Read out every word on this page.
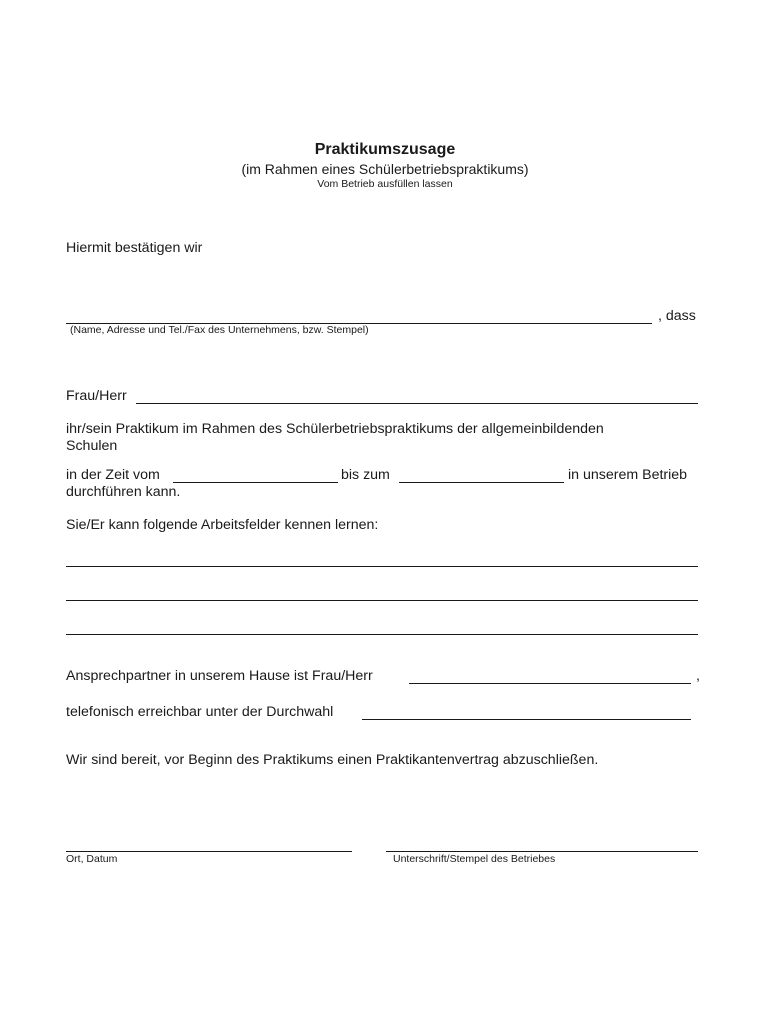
Praktikumszusage
(im Rahmen eines Schülerbetriebspraktikums)
Vom Betrieb ausfüllen lassen
Hiermit bestätigen wir
, dass
(Name, Adresse und Tel./Fax des Unternehmens, bzw. Stempel)
Frau/Herr
ihr/sein Praktikum im Rahmen des Schülerbetriebspraktikums der allgemeinbildenden
Schulen
in der Zeit vom	bis zum	in unserem Betrieb
durchführen kann.
Sie/Er kann folgende Arbeitsfelder kennen lernen:
Ansprechpartner in unserem Hause ist Frau/Herr	,
telefonisch erreichbar unter der Durchwahl
Wir sind bereit, vor Beginn des Praktikums einen Praktikantenvertrag abzuschließen.
Ort, Datum	Unterschrift/Stempel des Betriebes
